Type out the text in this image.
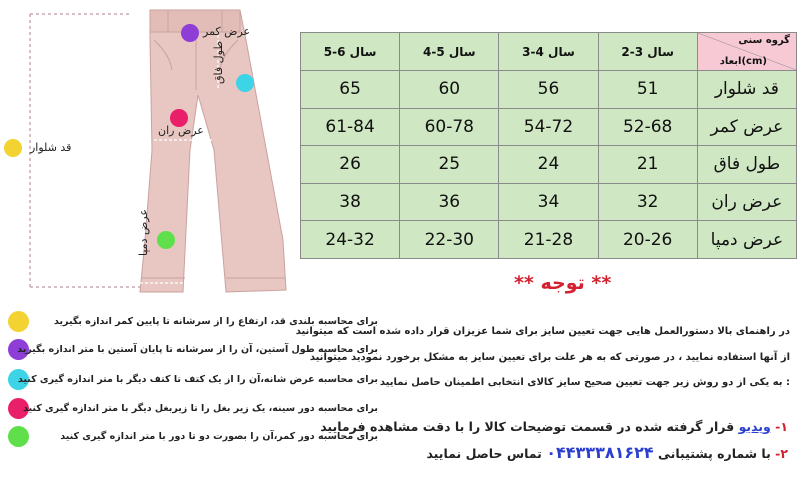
عرض کمر
طول فاق
عرض ران
عرض دمپا
قد شلوار
5-6 سال	4-5 سال	3-4 سال	2-3 سال	گروه سنی
ابعاد(cm)

65	60	56	51	قد شلوار
61-84	60-78	54-72	52-68	عرض کمر
26	25	24	21	طول فاق
38	36	34	32	عرض ران
24-32	22-30	21-28	20-26	عرض دمپا
** توجه **
برای محاسبه بلندی قد، ارتفاع را از سرشانه تا پایین کمر اندازه بگیرید
برای محاسبه طول آستین، آن را از سرشانه تا پایان آستین با متر اندازه بگیرید
برای محاسبه عرض شانه،آن را از یک کتف تا کتف دیگر با متر اندازه گیری کنید
برای محاسبه دور سینه، یک زیر بغل را تا زیربغل دیگر با متر اندازه گیری کنید
برای محاسبه دور کمر،آن را بصورت دو تا دور با متر اندازه گیری کنید
در راهنمای بالا دستورالعمل هایی جهت تعیین سایز برای شما عزیزان قرار داده شده است که میتوانید
از آنها استفاده نمایید ، در صورتی که به هر علت برای تعیین سایز به مشکل برخورد نمودید میتوانید
: به یکی از دو روش زیر جهت تعیین صحیح سایز کالای انتخابی اطمینان حاصل نمایید
۱- ویدیو قرار گرفته شده در قسمت توضیحات کالا را با دقت مشاهده فرمایید
۲- با شماره پشتیبانی ۰۴۴۳۳۳۸۱۶۲۴ تماس حاصل نمایید
